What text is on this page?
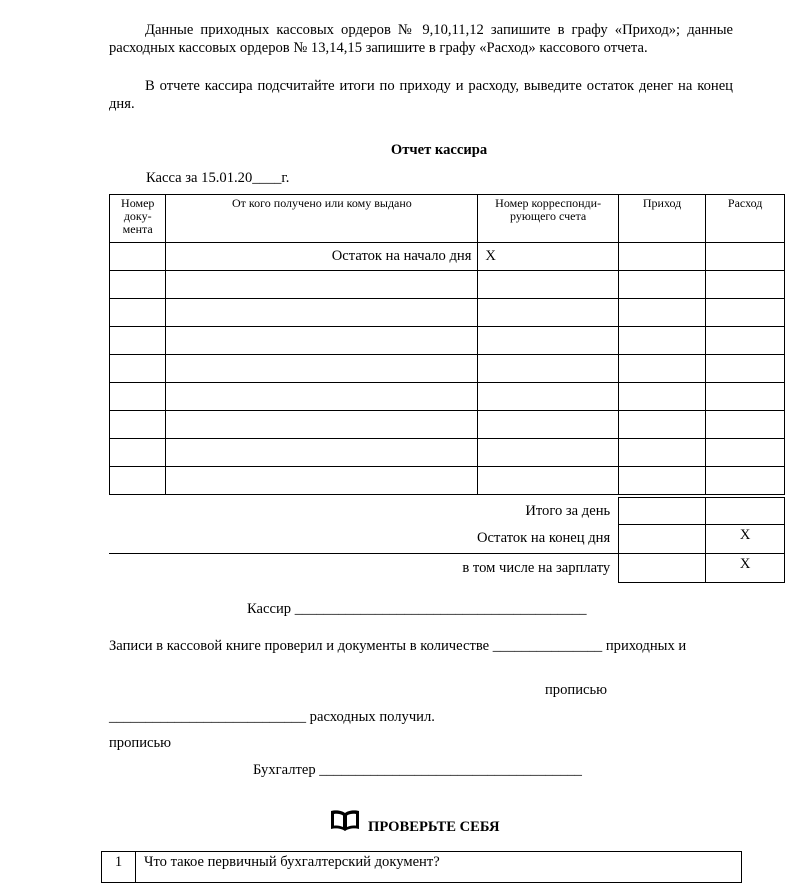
Данные приходных кассовых ордеров № 9,10,11,12 запишите в графу «Приход»; данные расходных кассовых ордеров № 13,14,15 запишите в графу «Расход» кассового отчета.
В отчете кассира подсчитайте итоги по приходу и расходу, выведите остаток денег на конец дня.
Отчет кассира
Касса за 15.01.20____г.
Номер доку-мента	От кого получено или кому выдано	Номер корреспонди-рующего счета	Приход	Расход
	Остаток на начало дня	Х		

Итого за день		
Остаток на конец дня		Х
в том числе на зарплату		Х
Кассир ________________________________________
Записи в кассовой книге проверил и документы в количестве _______________ приходных и
прописью
___________________________ расходных получил.
прописью
Бухгалтер ____________________________________
ПРОВЕРЬТЕ СЕБЯ
1	Что такое первичный бухгалтерский документ?
